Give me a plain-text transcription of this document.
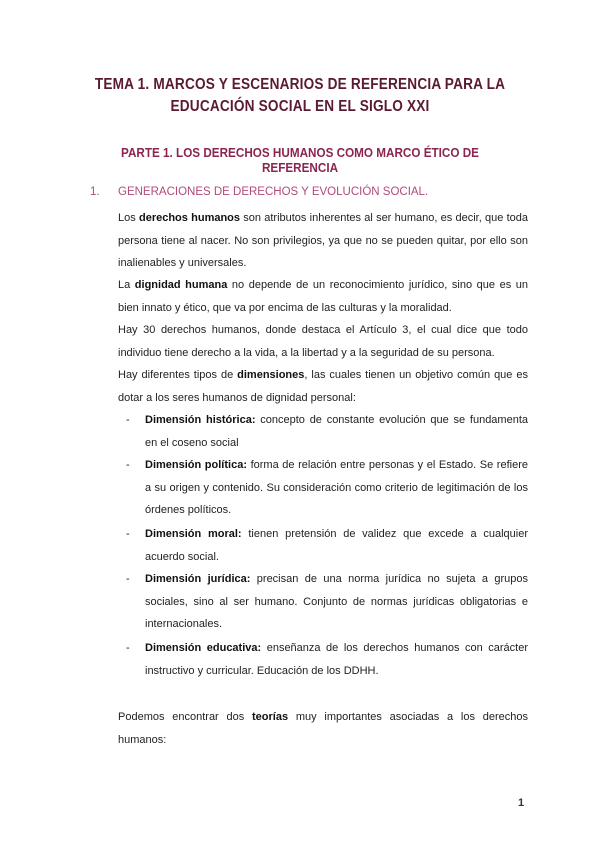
TEMA 1. MARCOS Y ESCENARIOS DE REFERENCIA PARA LA EDUCACIÓN SOCIAL EN EL SIGLO XXI
PARTE 1. LOS DERECHOS HUMANOS COMO MARCO ÉTICO DE REFERENCIA
1. GENERACIONES DE DERECHOS Y EVOLUCIÓN SOCIAL.
Los derechos humanos son atributos inherentes al ser humano, es decir, que toda persona tiene al nacer. No son privilegios, ya que no se pueden quitar, por ello son inalienables y universales.
La dignidad humana no depende de un reconocimiento jurídico, sino que es un bien innato y ético, que va por encima de las culturas y la moralidad.
Hay 30 derechos humanos, donde destaca el Artículo 3, el cual dice que todo individuo tiene derecho a la vida, a la libertad y a la seguridad de su persona.
Hay diferentes tipos de dimensiones, las cuales tienen un objetivo común que es dotar a los seres humanos de dignidad personal:
- Dimensión histórica: concepto de constante evolución que se fundamenta en el coseno social
- Dimensión política: forma de relación entre personas y el Estado. Se refiere a su origen y contenido. Su consideración como criterio de legitimación de los órdenes políticos.
- Dimensión moral: tienen pretensión de validez que excede a cualquier acuerdo social.
- Dimensión jurídica: precisan de una norma jurídica no sujeta a grupos sociales, sino al ser humano. Conjunto de normas jurídicas obligatorias e internacionales.
- Dimensión educativa: enseñanza de los derechos humanos con carácter instructivo y curricular. Educación de los DDHH.
Podemos encontrar dos teorías muy importantes asociadas a los derechos humanos:
1
